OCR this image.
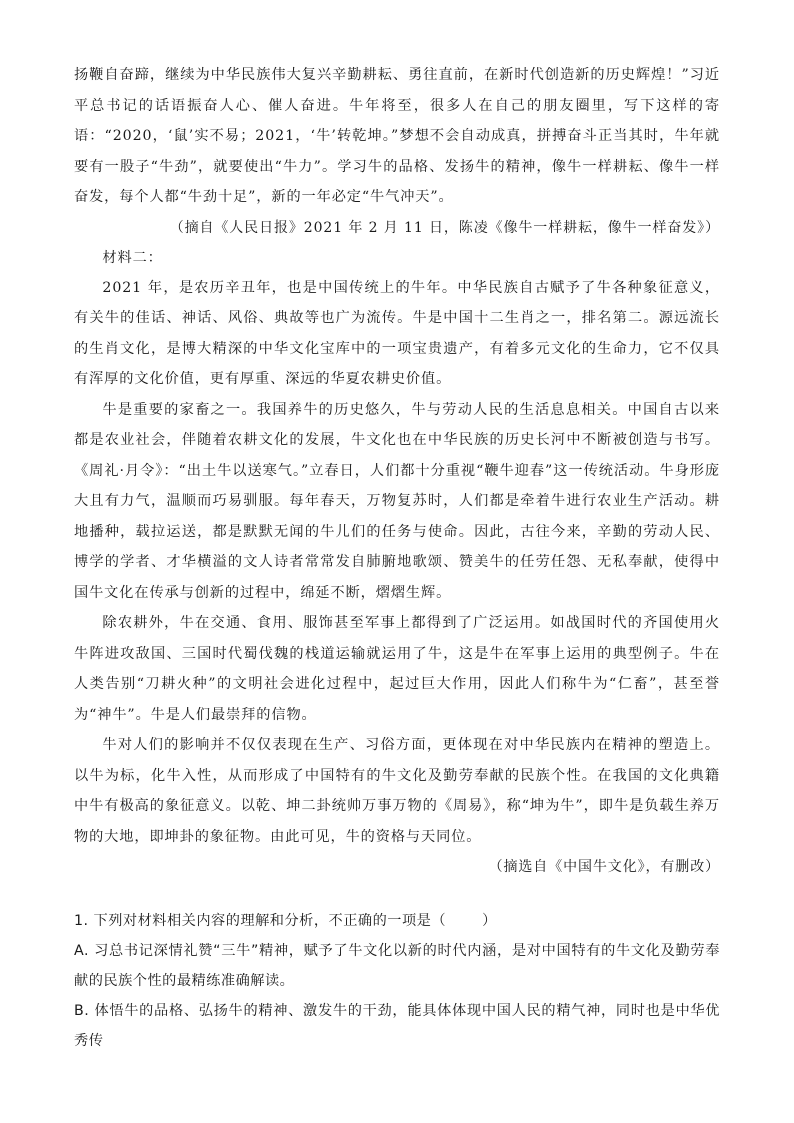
扬鞭自奋蹄，继续为中华民族伟大复兴辛勤耕耘、勇往直前，在新时代创造新的历史辉煌！”习近平总书记的话语振奋人心、催人奋进。牛年将至，很多人在自己的朋友圈里，写下这样的寄语：“2020，‘鼠’实不易；2021，‘牛’转乾坤。”梦想不会自动成真，拼搏奋斗正当其时，牛年就要有一股子“牛劲”，就要使出“牛力”。学习牛的品格、发扬牛的精神，像牛一样耕耘、像牛一样奋发，每个人都“牛劲十足”，新的一年必定“牛气冲天”。

（摘自《人民日报》2021 年 2 月 11 日，陈凌《像牛一样耕耘，像牛一样奋发》）

材料二：

2021 年，是农历辛丑年，也是中国传统上的牛年。中华民族自古赋予了牛各种象征意义，有关牛的佳话、神话、风俗、典故等也广为流传。牛是中国十二生肖之一，排名第二。源远流长的生肖文化，是博大精深的中华文化宝库中的一项宝贵遗产，有着多元文化的生命力，它不仅具有浑厚的文化价值，更有厚重、深远的华夏农耕史价值。

牛是重要的家畜之一。我国养牛的历史悠久，牛与劳动人民的生活息息相关。中国自古以来都是农业社会，伴随着农耕文化的发展，牛文化也在中华民族的历史长河中不断被创造与书写。《周礼·月令》：“出土牛以送寒气。”立春日，人们都十分重视“鞭牛迎春”这一传统活动。牛身形庞大且有力气，温顺而巧易驯服。每年春天，万物复苏时，人们都是牵着牛进行农业生产活动。耕地播种，载拉运送，都是默默无闻的牛儿们的任务与使命。因此，古往今来，辛勤的劳动人民、博学的学者、才华横溢的文人诗者常常发自肺腑地歌颂、赞美牛的任劳任怨、无私奉献，使得中国牛文化在传承与创新的过程中，绵延不断，熠熠生辉。

除农耕外，牛在交通、食用、服饰甚至军事上都得到了广泛运用。如战国时代的齐国使用火牛阵进攻敌国、三国时代蜀伐魏的栈道运输就运用了牛，这是牛在军事上运用的典型例子。牛在人类告别“刀耕火种”的文明社会进化过程中，起过巨大作用，因此人们称牛为“仁畜”，甚至誉为“神牛”。牛是人们最崇拜的信物。

牛对人们的影响并不仅仅表现在生产、习俗方面，更体现在对中华民族内在精神的塑造上。以牛为标，化牛入性，从而形成了中国特有的牛文化及勤劳奉献的民族个性。在我国的文化典籍中牛有极高的象征意义。以乾、坤二卦统帅万事万物的《周易》，称“坤为牛”，即牛是负载生养万物的大地，即坤卦的象征物。由此可见，牛的资格与天同位。

（摘选自《中国牛文化》，有删改）

1. 下列对材料相关内容的理解和分析，不正确的一项是（	）

A. 习总书记深情礼赞“三牛”精神，赋予了牛文化以新的时代内涵，是对中国特有的牛文化及勤劳奉献的民族个性的最精练准确解读。

B. 体悟牛的品格、弘扬牛的精神、激发牛的干劲，能具体体现中国人民的精气神，同时也是中华优秀传
